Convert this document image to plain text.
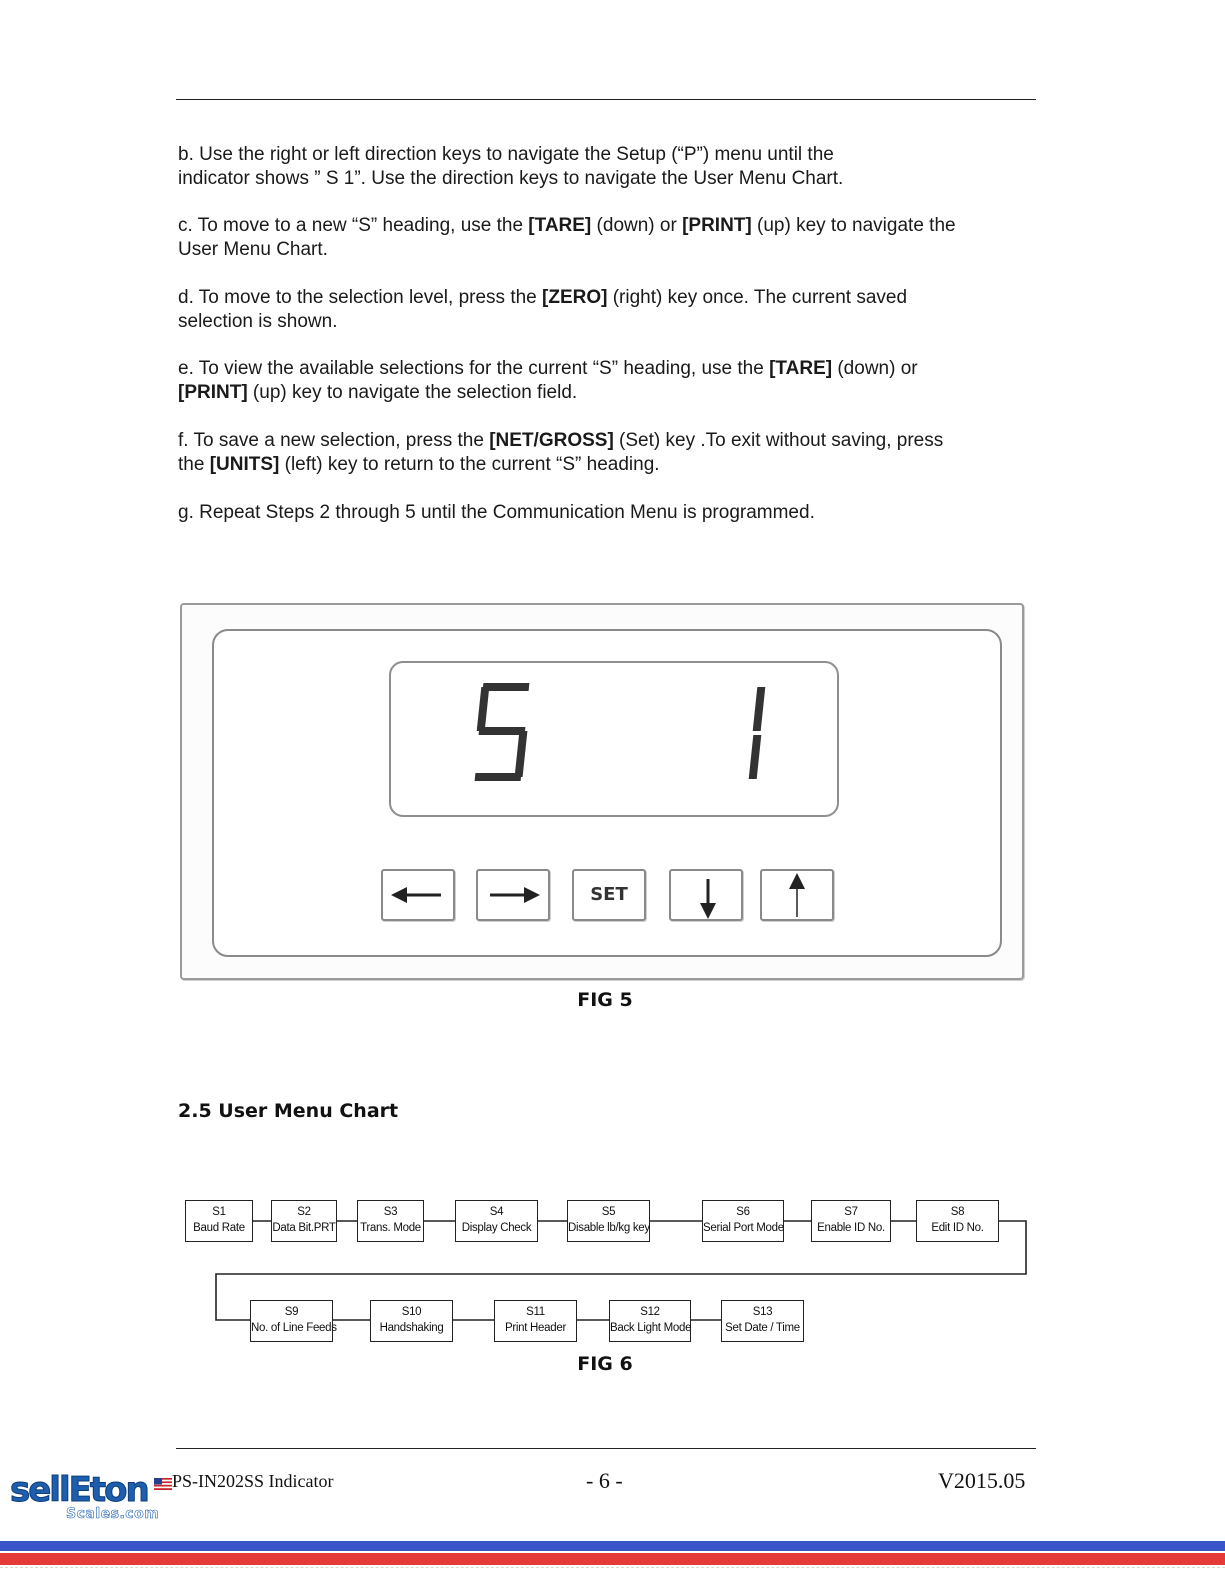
b. Use the right or left direction keys to navigate the Setup (“P”) menu until the
indicator shows ” S 1”. Use the direction keys to navigate the User Menu Chart.

c. To move to a new “S” heading, use the [TARE] (down) or [PRINT] (up) key to navigate the
User Menu Chart.

d. To move to the selection level, press the [ZERO] (right) key once. The current saved
selection is shown.

e. To view the available selections for the current “S” heading, use the [TARE] (down) or
[PRINT] (up) key to navigate the selection field.

f. To save a new selection, press the [NET/GROSS] (Set) key .To exit without saving, press
the [UNITS] (left) key to return to the current “S” heading.

g. Repeat Steps 2 through 5 until the Communication Menu is programmed.

SET
FIG 5
2.5 User Menu Chart
S1
Baud Rate
S2
Data Bit.PRT
S3
Trans. Mode
S4
Display Check
S5
Disable lb/kg key
S6
Serial Port Mode
S7
Enable ID No.
S8
Edit ID No.
S9
No. of Line Feeds
S10
Handshaking
S11
Print Header
S12
Back Light Mode
S13
Set Date / Time
FIG 6
sellEton
Scales.com
PS-IN202SS Indicator	- 6 -	V2015.05
